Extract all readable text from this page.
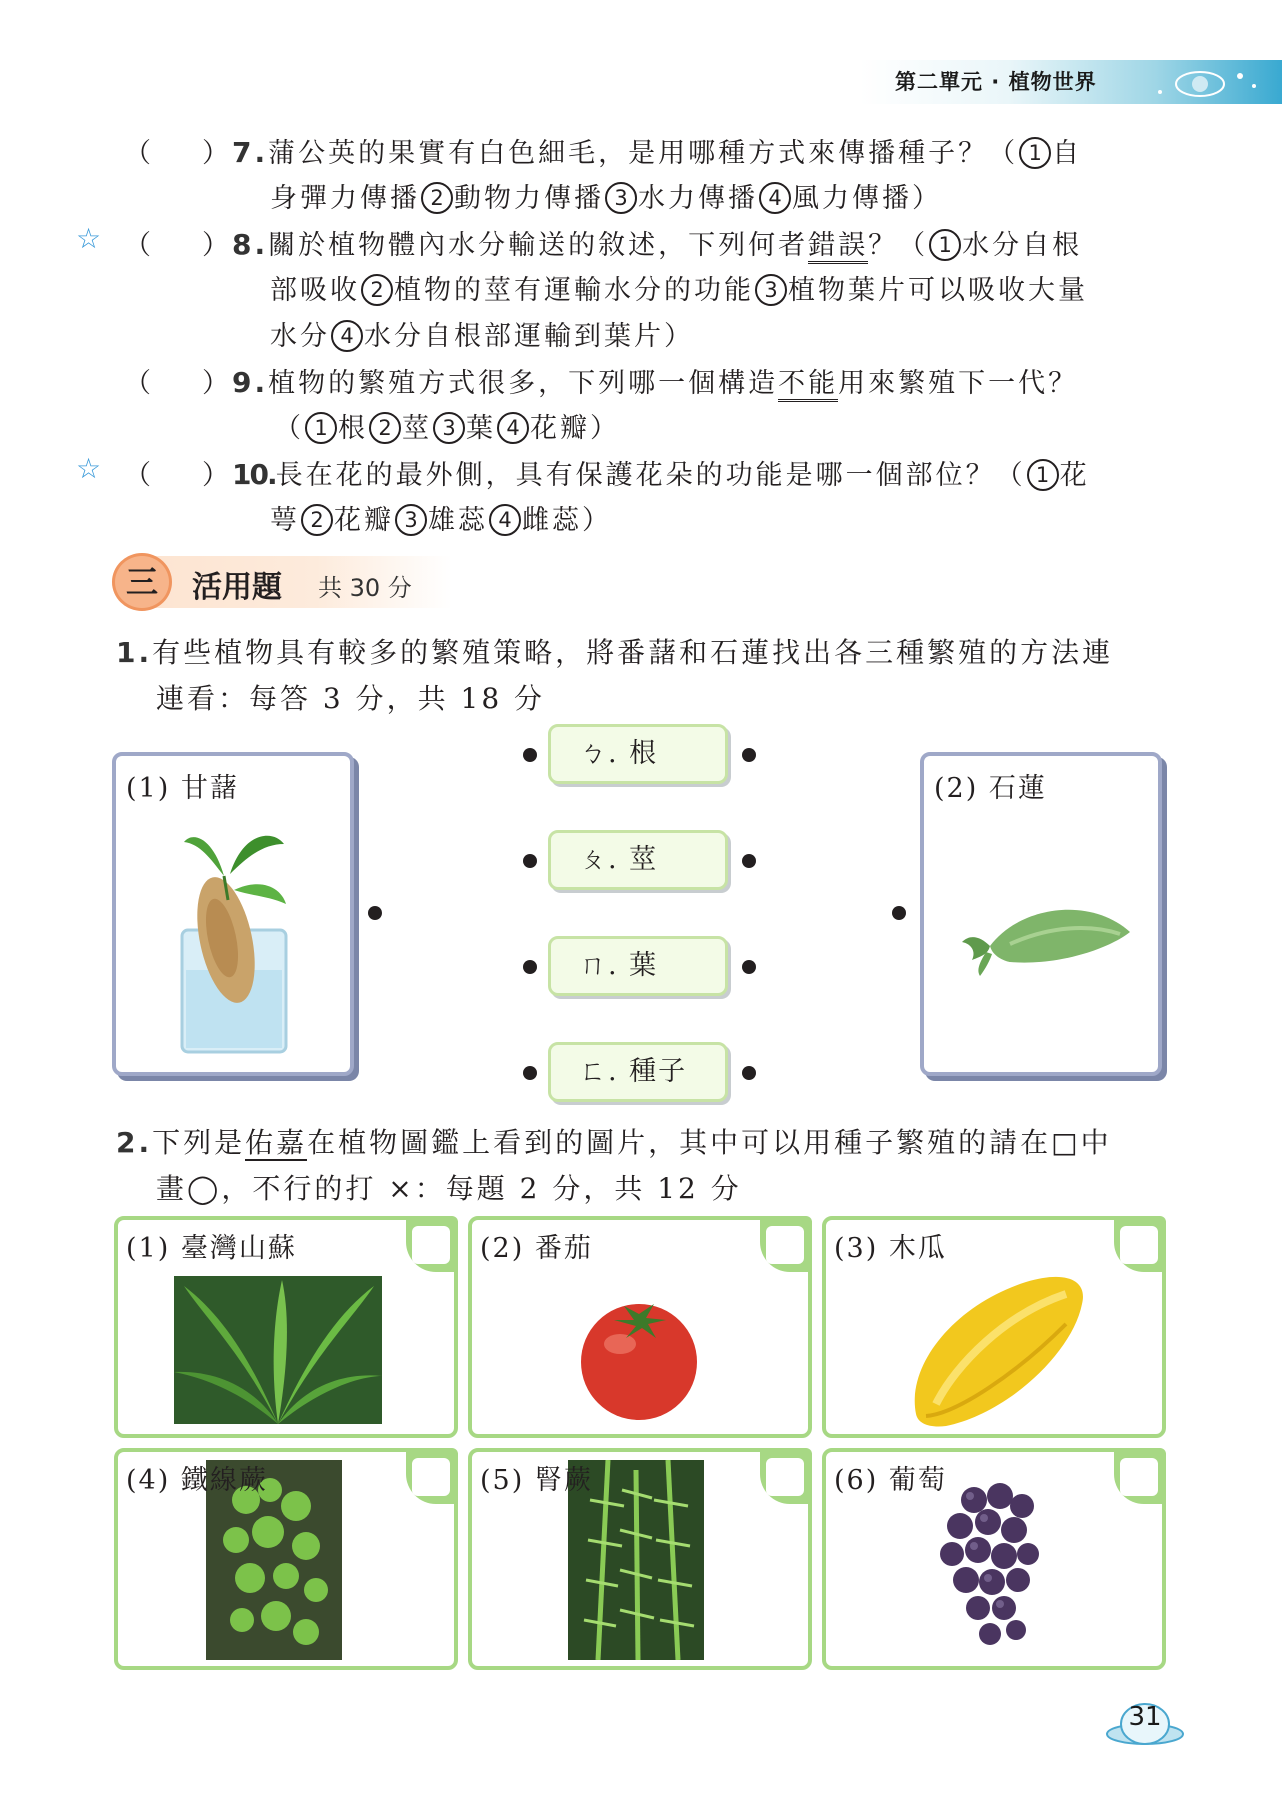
第二單元 · 植物世界
（ ）7.蒲公英的果實有白色細毛，是用哪種方式來傳播種子？（ 1 自
身彈力傳播 2 動物力傳播 3 水力傳播 4 風力傳播）
☆ （ ）8.關於植物體內水分輸送的敘述，下列何者錯誤？（ 1 水分自根
部吸收 2 植物的莖有運輸水分的功能 3 植物葉片可以吸收大量
水分 4 水分自根部運輸到葉片）
（ ）9.植物的繁殖方式很多，下列哪一個構造不能用來繁殖下一代？
（ 1 根 2 莖 3 葉 4 花瓣）
☆ （ ）10.長在花的最外側，具有保護花朵的功能是哪一個部位？（ 1 花
萼 2 花瓣 3 雄蕊 4 雌蕊）
三	活用題 共 30 分
1.有些植物具有較多的繁殖策略，將番藷和石蓮找出各三種繁殖的方法連
連看：每答 3 分，共 18 分
(1) 甘藷
ㄅ. 根
ㄆ. 莖
ㄇ. 葉
ㄈ. 種子
(2) 石蓮
2.下列是佑嘉在植物圖鑑上看到的圖片，其中可以用種子繁殖的請在□中
畫◯，不行的打 ×：每題 2 分，共 12 分
(1) 臺灣山蘇	(2) 番茄	(3) 木瓜
(4) 鐵線蕨	(5) 腎蕨	(6) 葡萄
31
